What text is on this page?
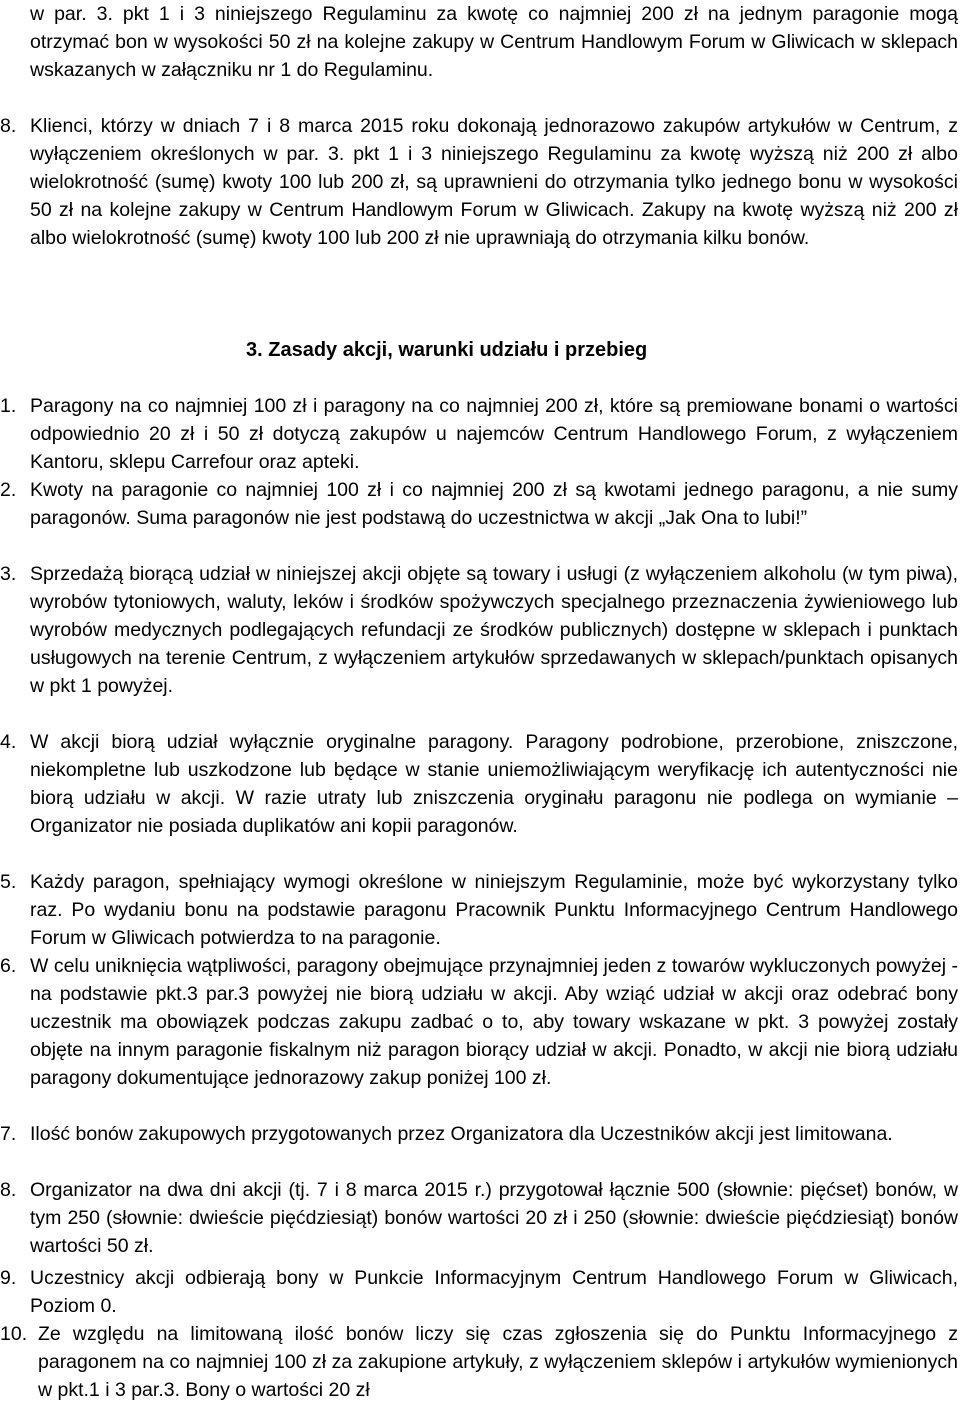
w par. 3. pkt 1 i 3 niniejszego Regulaminu za kwotę co najmniej 200 zł na jednym paragonie mogą otrzymać bon w wysokości 50 zł na kolejne zakupy w Centrum Handlowym Forum w Gliwicach w sklepach wskazanych w załączniku nr 1 do Regulaminu.
8. Klienci, którzy w dniach 7 i 8 marca 2015 roku dokonają jednorazowo zakupów artykułów w Centrum, z wyłączeniem określonych w par. 3. pkt 1 i 3 niniejszego Regulaminu za kwotę wyższą niż 200 zł albo wielokrotność (sumę) kwoty 100 lub 200 zł, są uprawnieni do otrzymania tylko jednego bonu w wysokości 50 zł na kolejne zakupy w Centrum Handlowym Forum w Gliwicach. Zakupy na kwotę wyższą niż 200 zł albo wielokrotność (sumę) kwoty 100 lub 200 zł nie uprawniają do otrzymania kilku bonów.
3. Zasady akcji, warunki udziału i przebieg
1. Paragony na co najmniej 100 zł i paragony na co najmniej 200 zł, które są premiowane bonami o wartości odpowiednio 20 zł i 50 zł dotyczą zakupów u najemców Centrum Handlowego Forum, z wyłączeniem Kantoru, sklepu Carrefour oraz apteki.
2. Kwoty na paragonie co najmniej 100 zł i co najmniej 200 zł są kwotami jednego paragonu, a nie sumy paragonów. Suma paragonów nie jest podstawą do uczestnictwa w akcji „Jak Ona to lubi!”
3. Sprzedażą biorącą udział w niniejszej akcji objęte są towary i usługi (z wyłączeniem alkoholu (w tym piwa), wyrobów tytoniowych, waluty, leków i środków spożywczych specjalnego przeznaczenia żywieniowego lub wyrobów medycznych podlegających refundacji ze środków publicznych) dostępne w sklepach i punktach usługowych na terenie Centrum, z wyłączeniem artykułów sprzedawanych w sklepach/punktach opisanych w pkt 1 powyżej.
4. W akcji biorą udział wyłącznie oryginalne paragony. Paragony podrobione, przerobione, zniszczone, niekompletne lub uszkodzone lub będące w stanie uniemożliwiającym weryfikację ich autentyczności nie biorą udziału w akcji. W razie utraty lub zniszczenia oryginału paragonu nie podlega on wymianie – Organizator nie posiada duplikatów ani kopii paragonów.
5. Każdy paragon, spełniający wymogi określone w niniejszym Regulaminie, może być wykorzystany tylko raz. Po wydaniu bonu na podstawie paragonu Pracownik Punktu Informacyjnego Centrum Handlowego Forum w Gliwicach potwierdza to na paragonie.
6. W celu uniknięcia wątpliwości, paragony obejmujące przynajmniej jeden z towarów wykluczonych powyżej - na podstawie pkt.3 par.3 powyżej nie biorą udziału w akcji. Aby wziąć udział w akcji oraz odebrać bony uczestnik ma obowiązek podczas zakupu zadbać o to, aby towary wskazane w pkt. 3 powyżej zostały objęte na innym paragonie fiskalnym niż paragon biorący udział w akcji. Ponadto, w akcji nie biorą udziału paragony dokumentujące jednorazowy zakup poniżej 100 zł.
7. Ilość bonów zakupowych przygotowanych przez Organizatora dla Uczestników akcji jest limitowana.
8. Organizator na dwa dni akcji (tj. 7 i 8 marca 2015 r.) przygotował łącznie 500 (słownie: pięćset) bonów, w tym 250 (słownie: dwieście pięćdziesiąt) bonów wartości 20 zł i 250 (słownie: dwieście pięćdziesiąt) bonów wartości 50 zł.
9. Uczestnicy akcji odbierają bony w Punkcie Informacyjnym Centrum Handlowego Forum w Gliwicach, Poziom 0.
10. Ze względu na limitowaną ilość bonów liczy się czas zgłoszenia się do Punktu Informacyjnego z paragonem na co najmniej 100 zł za zakupione artykuły, z wyłączeniem sklepów i artykułów wymienionych w pkt.1 i 3 par.3. Bony o wartości 20 zł
